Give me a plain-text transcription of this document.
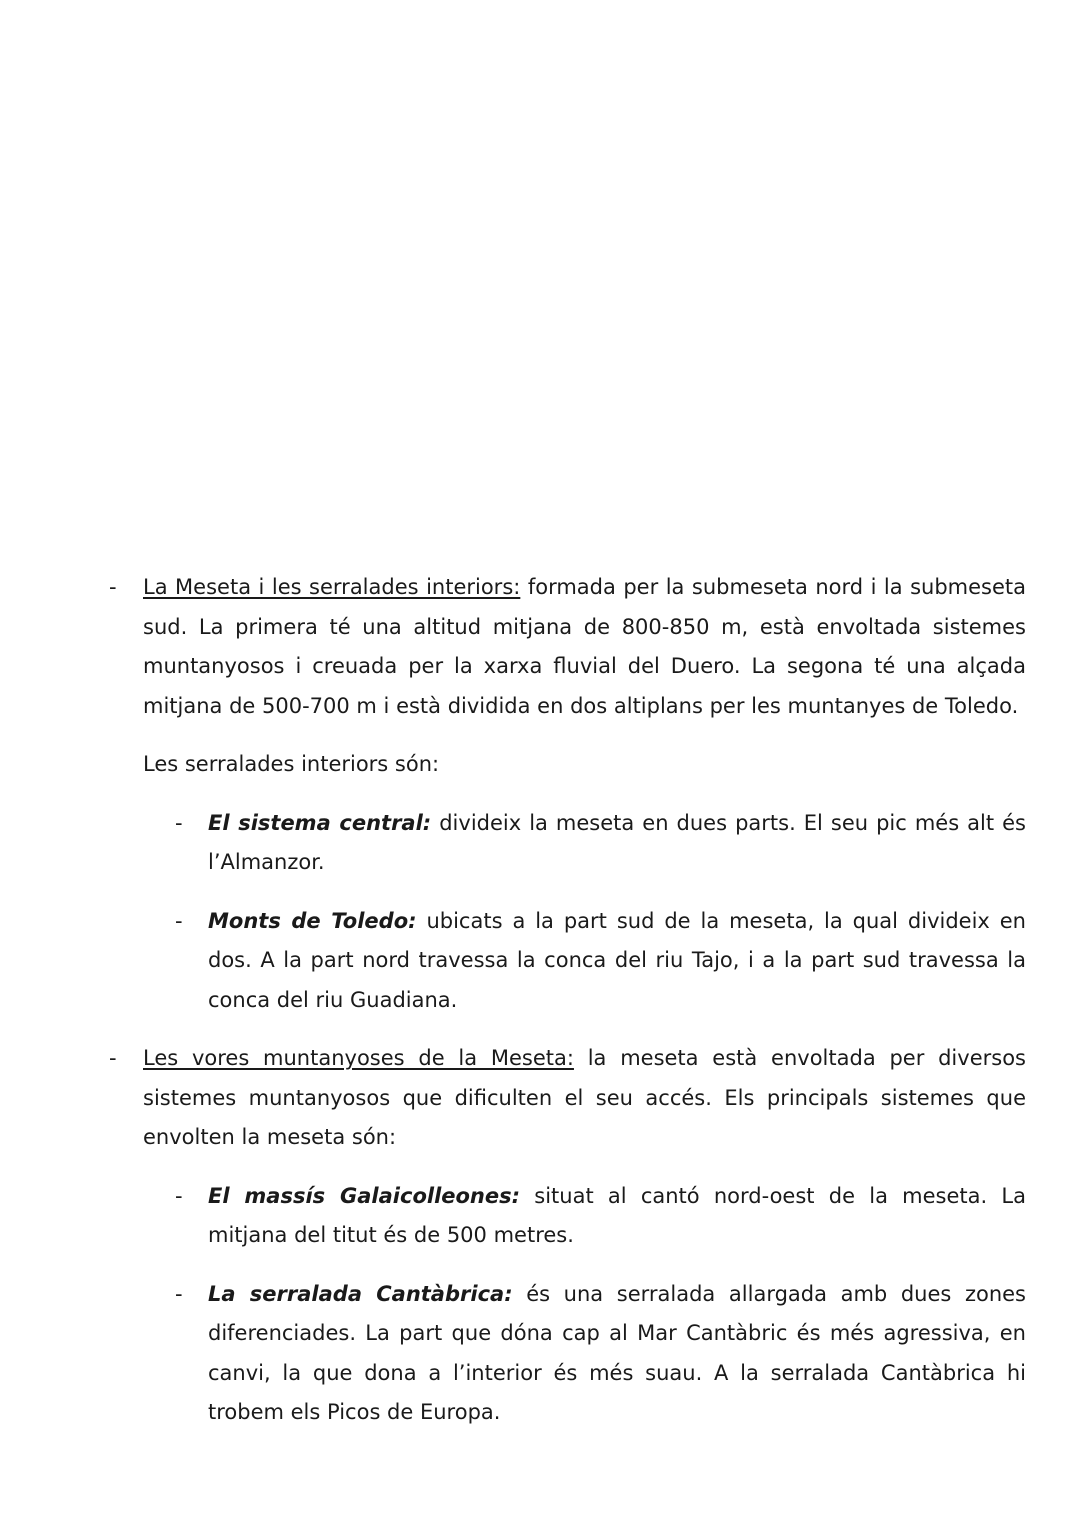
-	La Meseta i les serralades interiors: formada per la submeseta nord i la submeseta sud. La primera té una altitud mitjana de 800-850 m, està envoltada sistemes muntanyosos i creuada per la xarxa fluvial del Duero. La segona té una alçada mitjana de 500-700 m i està dividida en dos altiplans per les muntanyes de Toledo.
Les serralades interiors són:
-	El sistema central: divideix la meseta en dues parts. El seu pic més alt és l’Almanzor.
-	Monts de Toledo: ubicats a la part sud de la meseta, la qual divideix en dos. A la part nord travessa la conca del riu Tajo, i a la part sud travessa la conca del riu Guadiana.
-	Les vores muntanyoses de la Meseta: la meseta està envoltada per diversos sistemes muntanyosos que dificulten el seu accés. Els principals sistemes que envolten la meseta són:
-	El massís Galaicolleones: situat al cantó nord-oest de la meseta. La mitjana del titut és de 500 metres.
-	La serralada Cantàbrica: és una serralada allargada amb dues zones diferenciades. La part que dóna cap al Mar Cantàbric és més agressiva, en canvi, la que dona a l’interior és més suau. A la serralada Cantàbrica hi trobem els Picos de Europa.
